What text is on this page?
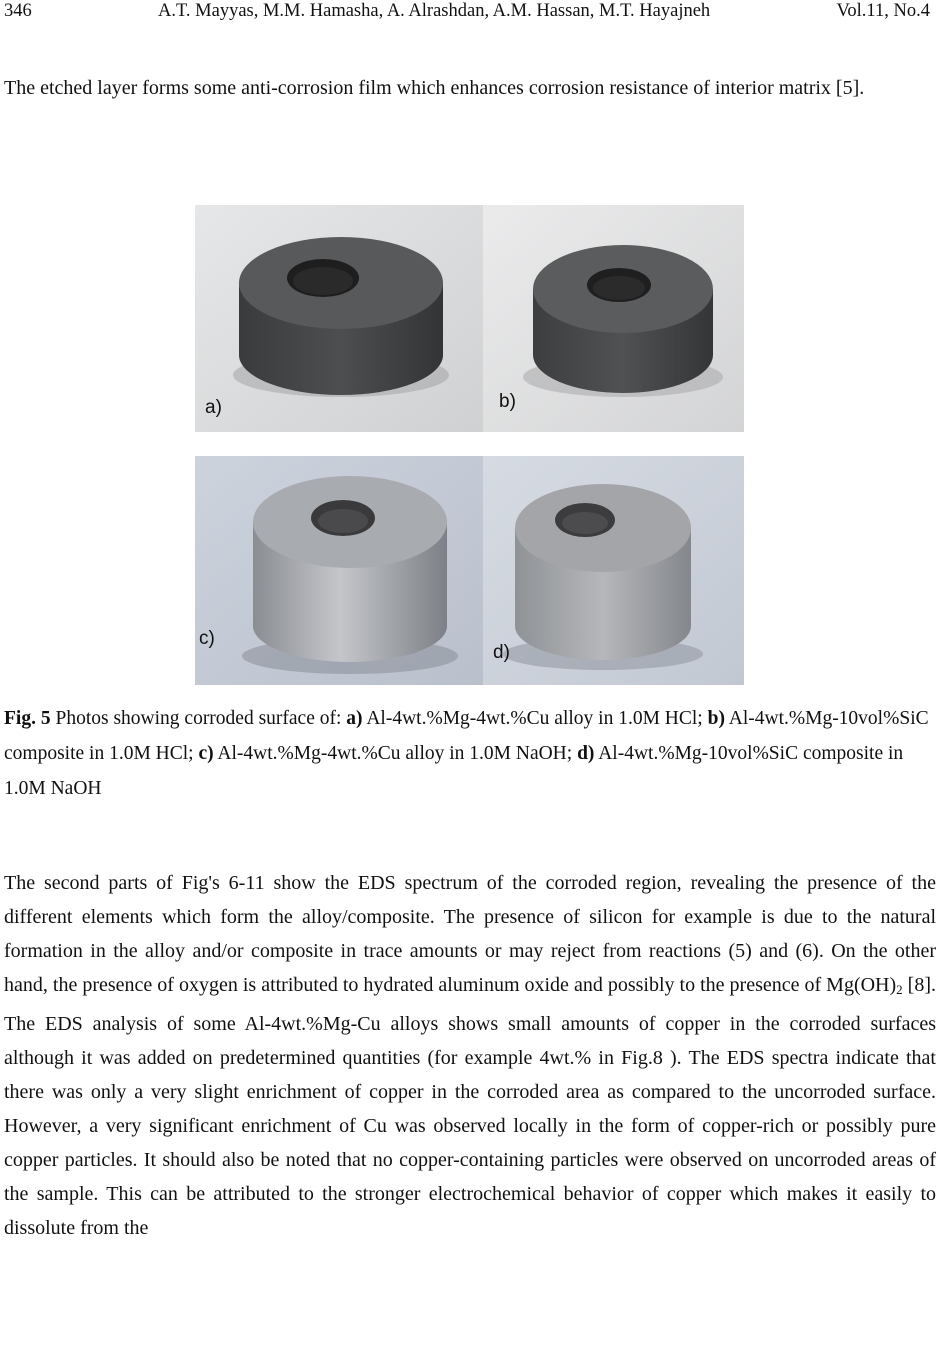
346	A.T. Mayyas, M.M. Hamasha, A. Alrashdan, A.M. Hassan, M.T. Hayajneh	Vol.11, No.4

The etched layer forms some anti-corrosion film which enhances corrosion resistance of interior matrix [5].

a)	b)
c)
d)

Fig. 5 Photos showing corroded surface of: a) Al-4wt.%Mg-4wt.%Cu alloy in 1.0M HCl; b) Al-4wt.%Mg-10vol%SiC composite in 1.0M HCl; c) Al-4wt.%Mg-4wt.%Cu alloy in 1.0M NaOH; d) Al-4wt.%Mg-10vol%SiC composite in 1.0M NaOH

The second parts of Fig's 6-11 show the EDS spectrum of the corroded region, revealing the presence of the different elements which form the alloy/composite. The presence of silicon for example is due to the natural formation in the alloy and/or composite in trace amounts or may reject from reactions (5) and (6). On the other hand, the presence of oxygen is attributed to hydrated aluminum oxide and possibly to the presence of $Mg(OH)_2$ [8]. The EDS analysis of some Al-4wt.%Mg-Cu alloys shows small amounts of copper in the corroded surfaces although it was added on predetermined quantities (for example 4wt.% in Fig.8 ). The EDS spectra indicate that there was only a very slight enrichment of copper in the corroded area as compared to the uncorroded surface. However, a very significant enrichment of Cu was observed locally in the form of copper-rich or possibly pure copper particles. It should also be noted that no copper-containing particles were observed on uncorroded areas of the sample. This can be attributed to the stronger electrochemical behavior of copper which makes it easily to dissolute from the
